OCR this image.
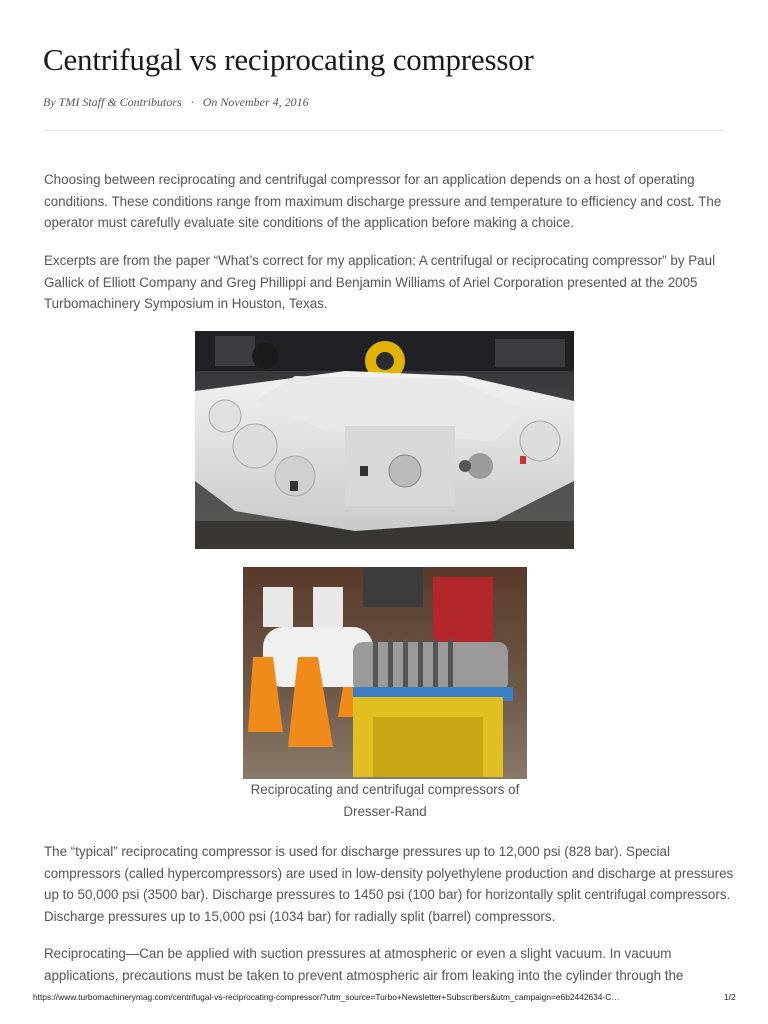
Centrifugal vs reciprocating compressor
By TMI Staff & Contributors · On November 4, 2016

Choosing between reciprocating and centrifugal compressor for an application depends on a host of operating conditions. These conditions range from maximum discharge pressure and temperature to efficiency and cost. The operator must carefully evaluate site conditions of the application before making a choice.

Excerpts are from the paper “What’s correct for my application: A centrifugal or reciprocating compressor” by Paul Gallick of Elliott Company and Greg Phillippi and Benjamin Williams of Ariel Corporation presented at the 2005 Turbomachinery Symposium in Houston, Texas.

Reciprocating and centrifugal compressors of Dresser-Rand

The “typical” reciprocating compressor is used for discharge pressures up to 12,000 psi (828 bar). Special compressors (called hypercompressors) are used in low-density polyethylene production and discharge at pressures up to 50,000 psi (3500 bar). Discharge pressures to 1450 psi (100 bar) for horizontally split centrifugal compressors. Discharge pressures up to 15,000 psi (1034 bar) for radially split (barrel) compressors.

Reciprocating—Can be applied with suction pressures at atmospheric or even a slight vacuum. In vacuum applications, precautions must be taken to prevent atmospheric air from leaking into the cylinder through the

https://www.turbomachinerymag.com/centrifugal-vs-reciprocating-compressor/?utm_source=Turbo+Newsletter+Subscribers&utm_campaign=e6b2442634-C…	1/2
